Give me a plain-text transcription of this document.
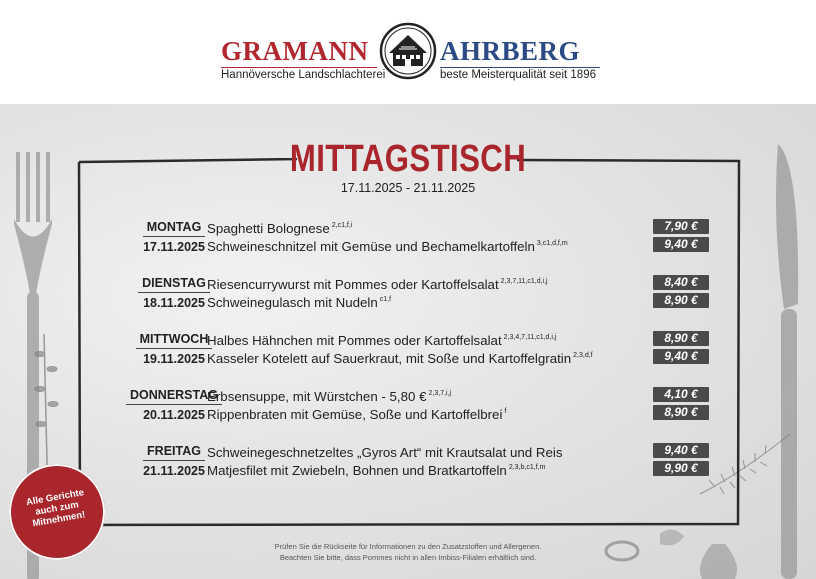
GRAMANN
Hannöversche Landschlachterei
AHRBERG
beste Meisterqualität seit 1896
MITTAGSTISCH
17.11.2025 - 21.11.2025
MONTAG
17.11.2025
Spaghetti Bolognese $^{2,c1,f,i}$	7,90 €
Schweineschnitzel mit Gemüse und Bechamelkartoffeln $^{3,c1,d,f,m}$	9,40 €
DIENSTAG
18.11.2025
Riesencurrywurst mit Pommes oder Kartoffelsalat $^{2,3,7,11,c1,d,i,j}$	8,40 €
Schweinegulasch mit Nudeln $^{c1,f}$	8,90 €
MITTWOCH
19.11.2025
Halbes Hähnchen mit Pommes oder Kartoffelsalat $^{2,3,4,7,11,c1,d,i,j}$	8,90 €
Kasseler Kotelett auf Sauerkraut, mit Soße und Kartoffelgratin $^{2,3,d,f}$	9,40 €
DONNERSTAG
20.11.2025
Erbsensuppe, mit Würstchen - 5,80 € $^{2,3,7,i,j}$	4,10 €
Rippenbraten mit Gemüse, Soße und Kartoffelbrei $^f$	8,90 €
FREITAG
21.11.2025
Schweinegeschnetzeltes „Gyros Art“ mit Krautsalat und Reis	9,40 €
Matjesfilet mit Zwiebeln, Bohnen und Bratkartoffeln $^{2,3,b,c1,f,m}$	9,90 €
Prüfen Sie die Rückseite für Informationen zu den Zusatzstoffen und Allergenen.
Beachten Sie bitte, dass Pommes nicht in allen Imbiss-Filialen erhältlich sind.
Alle Gerichte auch zum Mitnehmen!
